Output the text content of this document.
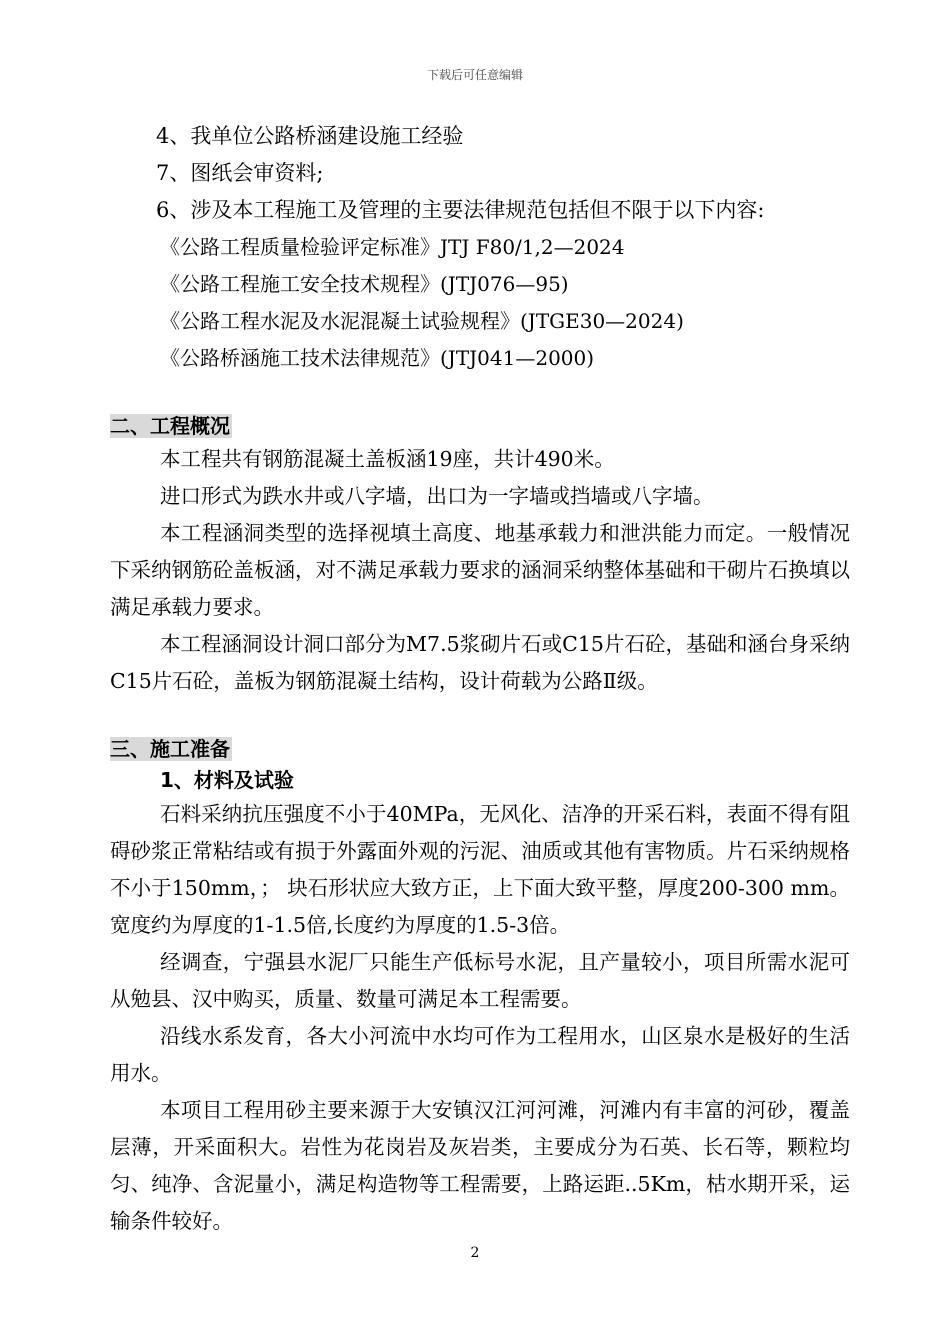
下载后可任意编辑
4、我单位公路桥涵建设施工经验
7、图纸会审资料;
6、涉及本工程施工及管理的主要法律规范包括但不限于以下内容:
《公路工程质量检验评定标准》JTJ F80/1,2—2024
《公路工程施工安全技术规程》(JTJ076—95)
《公路工程水泥及水泥混凝土试验规程》(JTGE30—2024)
《公路桥涵施工技术法律规范》(JTJ041—2000)
二、工程概况

本工程共有钢筋混凝土盖板涵19座，共计490米。

进口形式为跌水井或八字墙，出口为一字墙或挡墙或八字墙。

本工程涵洞类型的选择视填土高度、地基承载力和泄洪能力而定。一般情况下采纳钢筋砼盖板涵，对不满足承载力要求的涵洞采纳整体基础和干砌片石换填以满足承载力要求。

本工程涵洞设计洞口部分为M7.5浆砌片石或C15片石砼，基础和涵台身采纳C15片石砼，盖板为钢筋混凝土结构，设计荷载为公路Ⅱ级。

三、施工准备
1、材料及试验

石料采纳抗压强度不小于40MPa，无风化、洁净的开采石料，表面不得有阻碍砂浆正常粘结或有损于外露面外观的污泥、油质或其他有害物质。片石采纳规格不小于150mm，； 块石形状应大致方正，上下面大致平整，厚度200-300 mm。宽度约为厚度的1-1.5倍,长度约为厚度的1.5-3倍。

经调查，宁强县水泥厂只能生产低标号水泥，且产量较小，项目所需水泥可从勉县、汉中购买，质量、数量可满足本工程需要。

沿线水系发育，各大小河流中水均可作为工程用水，山区泉水是极好的生活用水。

本项目工程用砂主要来源于大安镇汉江河河滩，河滩内有丰富的河砂，覆盖层薄，开采面积大。岩性为花岗岩及灰岩类，主要成分为石英、长石等，颗粒均匀、纯净、含泥量小，满足构造物等工程需要，上路运距..5Km，枯水期开采，运输条件较好。

2
